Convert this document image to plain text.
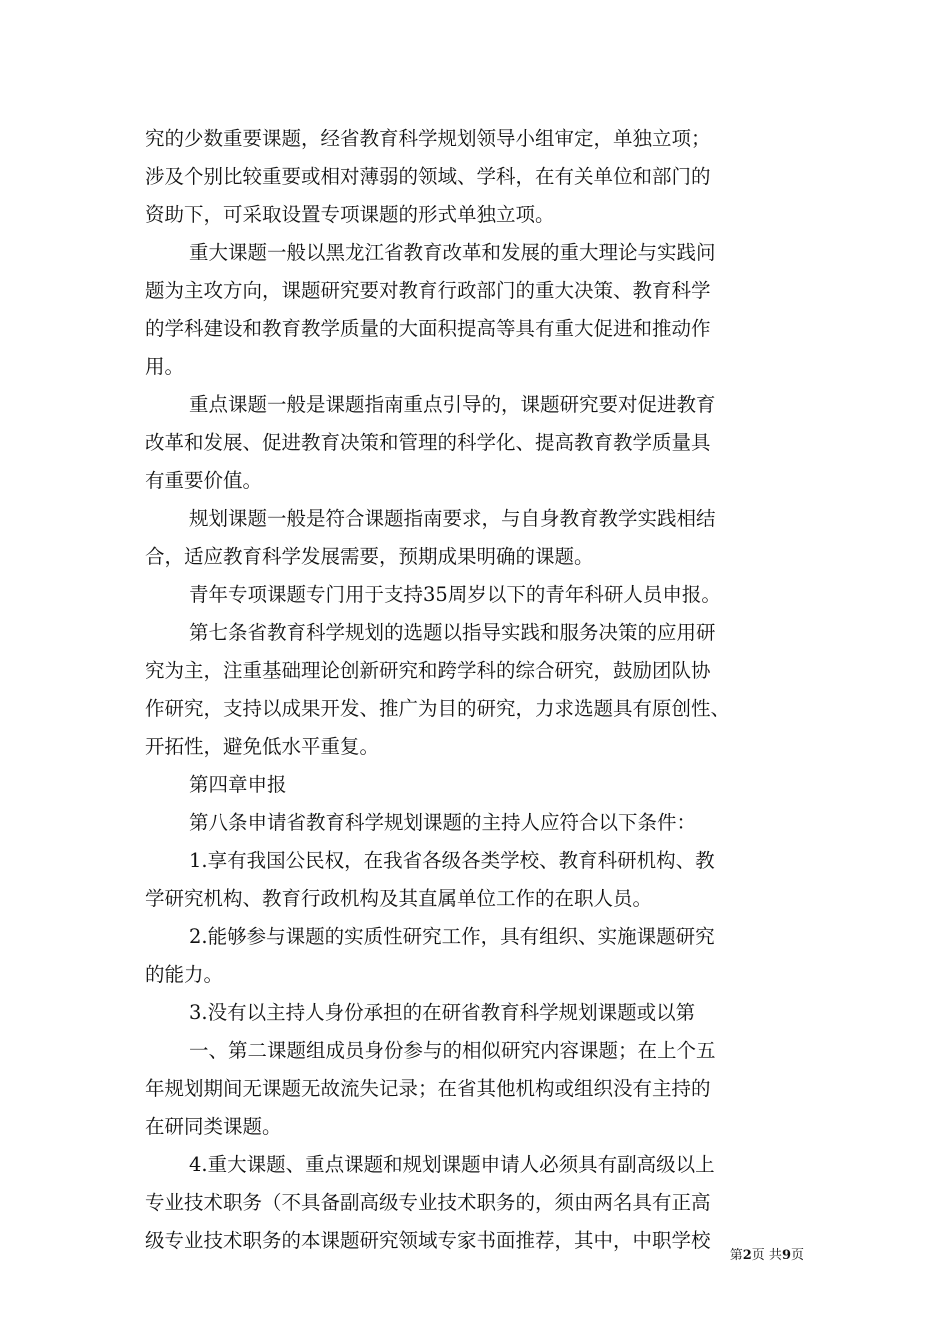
究的少数重要课题，经省教育科学规划领导小组审定，单独立项；
涉及个别比较重要或相对薄弱的领域、学科，在有关单位和部门的
资助下，可采取设置专项课题的形式单独立项。
重大课题一般以黑龙江省教育改革和发展的重大理论与实践问
题为主攻方向，课题研究要对教育行政部门的重大决策、教育科学
的学科建设和教育教学质量的大面积提高等具有重大促进和推动作
用。
重点课题一般是课题指南重点引导的，课题研究要对促进教育
改革和发展、促进教育决策和管理的科学化、提高教育教学质量具
有重要价值。
规划课题一般是符合课题指南要求，与自身教育教学实践相结
合，适应教育科学发展需要，预期成果明确的课题。
青年专项课题专门用于支持35周岁以下的青年科研人员申报。
第七条省教育科学规划的选题以指导实践和服务决策的应用研
究为主，注重基础理论创新研究和跨学科的综合研究，鼓励团队协
作研究，支持以成果开发、推广为目的研究，力求选题具有原创性、
开拓性，避免低水平重复。
第四章申报
第八条申请省教育科学规划课题的主持人应符合以下条件：
1.享有我国公民权，在我省各级各类学校、教育科研机构、教
学研究机构、教育行政机构及其直属单位工作的在职人员。
2.能够参与课题的实质性研究工作，具有组织、实施课题研究
的能力。
3.没有以主持人身份承担的在研省教育科学规划课题或以第
一、第二课题组成员身份参与的相似研究内容课题；在上个五
年规划期间无课题无故流失记录；在省其他机构或组织没有主持的
在研同类课题。
4.重大课题、重点课题和规划课题申请人必须具有副高级以上
专业技术职务（不具备副高级专业技术职务的，须由两名具有正高
级专业技术职务的本课题研究领域专家书面推荐，其中，中职学校
第2页 共9页
